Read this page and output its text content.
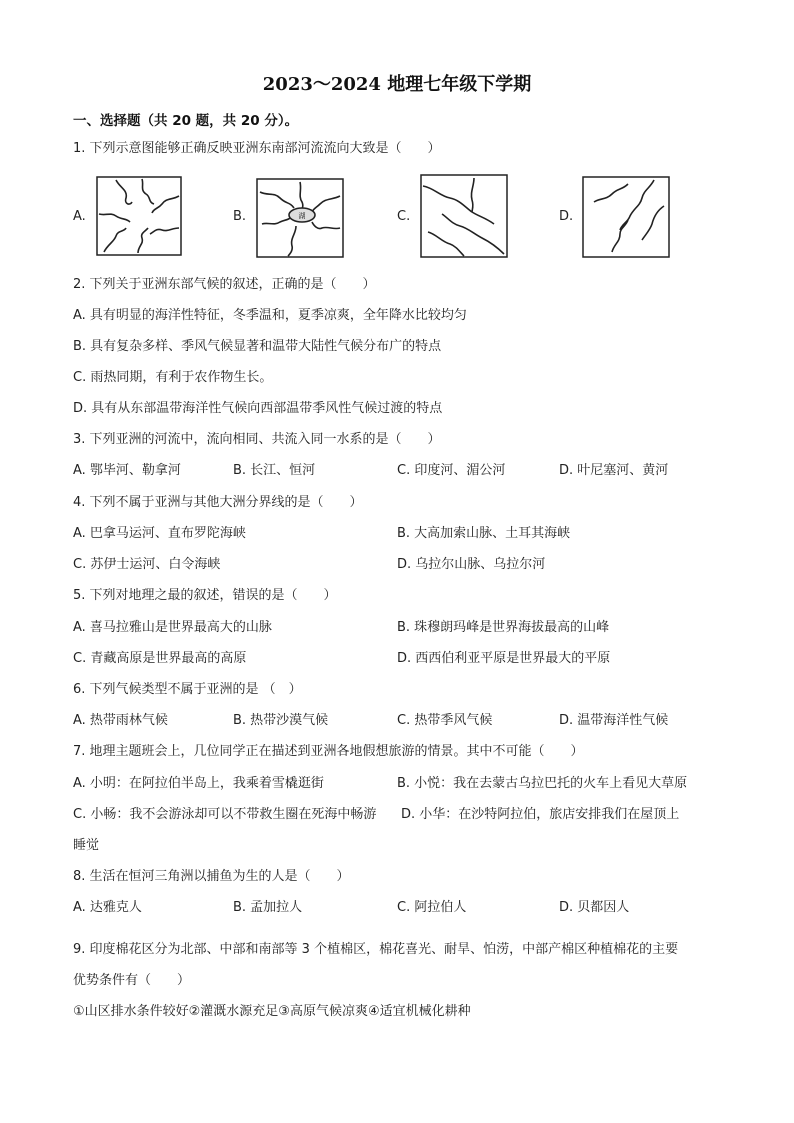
2023～2024 地理七年级下学期
一、选择题（共 20 题，共 20 分）。
1. 下列示意图能够正确反映亚洲东南部河流流向大致是（　　）
A.	B.	湖	C.	D.
2. 下列关于亚洲东部气候的叙述，正确的是（　　）
A. 具有明显的海洋性特征，冬季温和，夏季凉爽，全年降水比较均匀
B. 具有复杂多样、季风气候显著和温带大陆性气候分布广的特点
C. 雨热同期，有利于农作物生长。
D. 具有从东部温带海洋性气候向西部温带季风性气候过渡的特点
3. 下列亚洲的河流中，流向相同、共流入同一水系的是（　　）
A. 鄂毕河、勒拿河	B. 长江、恒河	C. 印度河、湄公河	D. 叶尼塞河、黄河
4. 下列不属于亚洲与其他大洲分界线的是（　　）
A. 巴拿马运河、直布罗陀海峡	B. 大高加索山脉、土耳其海峡
C. 苏伊士运河、白令海峡	D. 乌拉尔山脉、乌拉尔河
5. 下列对地理之最的叙述，错误的是（　　）
A. 喜马拉雅山是世界最高大的山脉	B. 珠穆朗玛峰是世界海拔最高的山峰
C. 青藏高原是世界最高的高原	D. 西西伯利亚平原是世界最大的平原
6. 下列气候类型不属于亚洲的是 （　）
A. 热带雨林气候	B. 热带沙漠气候	C. 热带季风气候	D. 温带海洋性气候
7. 地理主题班会上，几位同学正在描述到亚洲各地假想旅游的情景。其中不可能（　　）
A. 小明：在阿拉伯半岛上，我乘着雪橇逛街	B. 小悦：我在去蒙古乌拉巴托的火车上看见大草原
C. 小畅：我不会游泳却可以不带救生圈在死海中畅游 D. 小华：在沙特阿拉伯，旅店安排我们在屋顶上
睡觉
8. 生活在恒河三角洲以捕鱼为生的人是（　　）
A. 达雅克人	B. 孟加拉人	C. 阿拉伯人	D. 贝都因人
9. 印度棉花区分为北部、中部和南部等 3 个植棉区，棉花喜光、耐旱、怕涝，中部产棉区种植棉花的主要
优势条件有（　　）
①山区排水条件较好②灌溉水源充足③高原气候凉爽④适宜机械化耕种
